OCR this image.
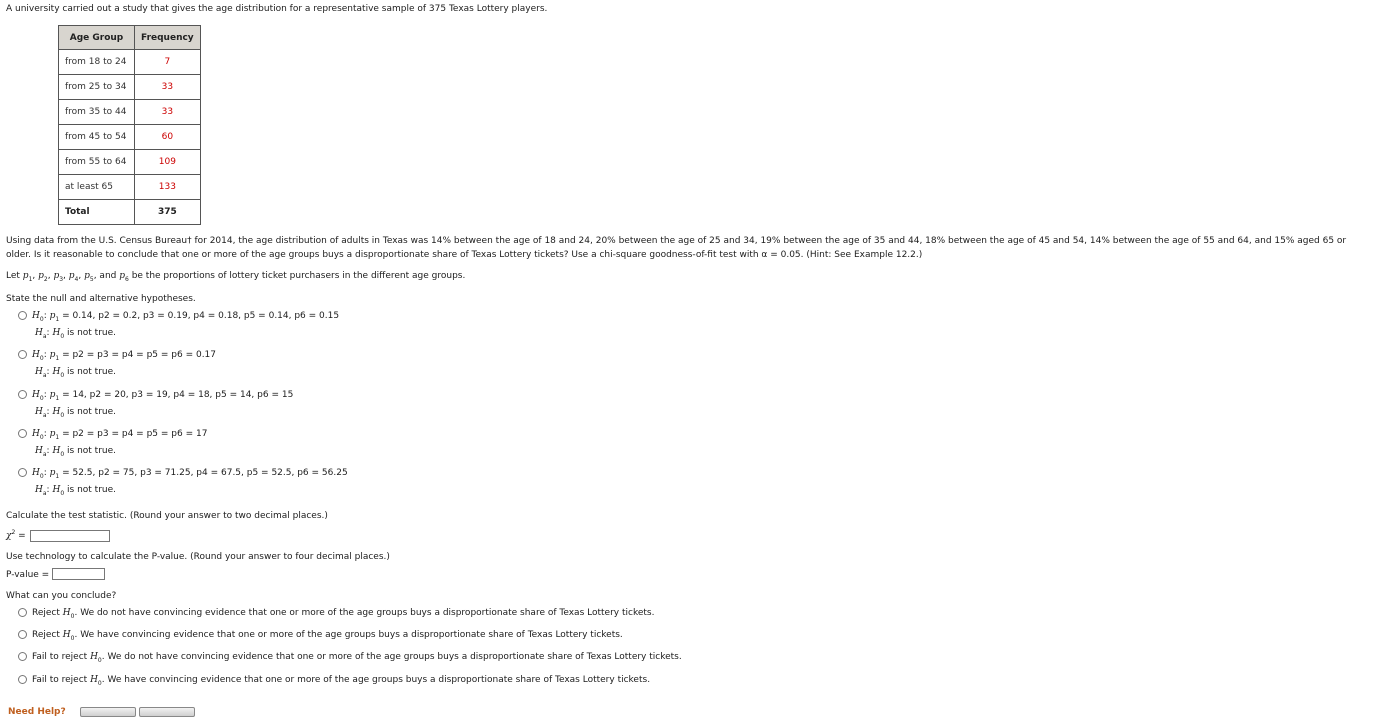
A university carried out a study that gives the age distribution for a representative sample of 375 Texas Lottery players.
Age Group	Frequency
from 18 to 24	7
from 25 to 34	33
from 35 to 44	33
from 45 to 54	60
from 55 to 64	109
at least 65	133
Total	375
Using data from the U.S. Census Bureau† for 2014, the age distribution of adults in Texas was 14% between the age of 18 and 24, 20% between the age of 25 and 34, 19% between the age of 35 and 44, 18% between the age of 45 and 54, 14% between the age of 55 and 64, and 15% aged 65 or older. Is it reasonable to conclude that one or more of the age groups buys a disproportionate share of Texas Lottery tickets? Use a chi-square goodness-of-fit test with α = 0.05. (Hint: See Example 12.2.)
Let $p_1$, $p_2$, $p_3$, $p_4$, $p_5$, and $p_6$ be the proportions of lottery ticket purchasers in the different age groups.
State the null and alternative hypotheses.
$H_0$: $p_1 = 0.14$, p2 = 0.2, p3 = 0.19, p4 = 0.18, p5 = 0.14, p6 = 0.15
$H_a$: $H_0$ is not true.
$H_0$: $p_1 = p2 = p3 = p4 = p5 = p6 = 0.17$
$H_a$: $H_0$ is not true.
$H_0$: $p_1 = 14$, p2 = 20, p3 = 19, p4 = 18, p5 = 14, p6 = 15
$H_a$: $H_0$ is not true.
$H_0$: $p_1 = p2 = p3 = p4 = p5 = p6 = 17$
$H_a$: $H_0$ is not true.
$H_0$: $p_1 = 52.5$, p2 = 75, p3 = 71.25, p4 = 67.5, p5 = 52.5, p6 = 56.25
$H_a$: $H_0$ is not true.
Calculate the test statistic. (Round your answer to two decimal places.)
$\chi^2$ =
Use technology to calculate the P-value. (Round your answer to four decimal places.)
P-value =
What can you conclude?
Reject $H_0$. We do not have convincing evidence that one or more of the age groups buys a disproportionate share of Texas Lottery tickets.
Reject $H_0$. We have convincing evidence that one or more of the age groups buys a disproportionate share of Texas Lottery tickets.
Fail to reject $H_0$. We do not have convincing evidence that one or more of the age groups buys a disproportionate share of Texas Lottery tickets.
Fail to reject $H_0$. We have convincing evidence that one or more of the age groups buys a disproportionate share of Texas Lottery tickets.
Need Help?
